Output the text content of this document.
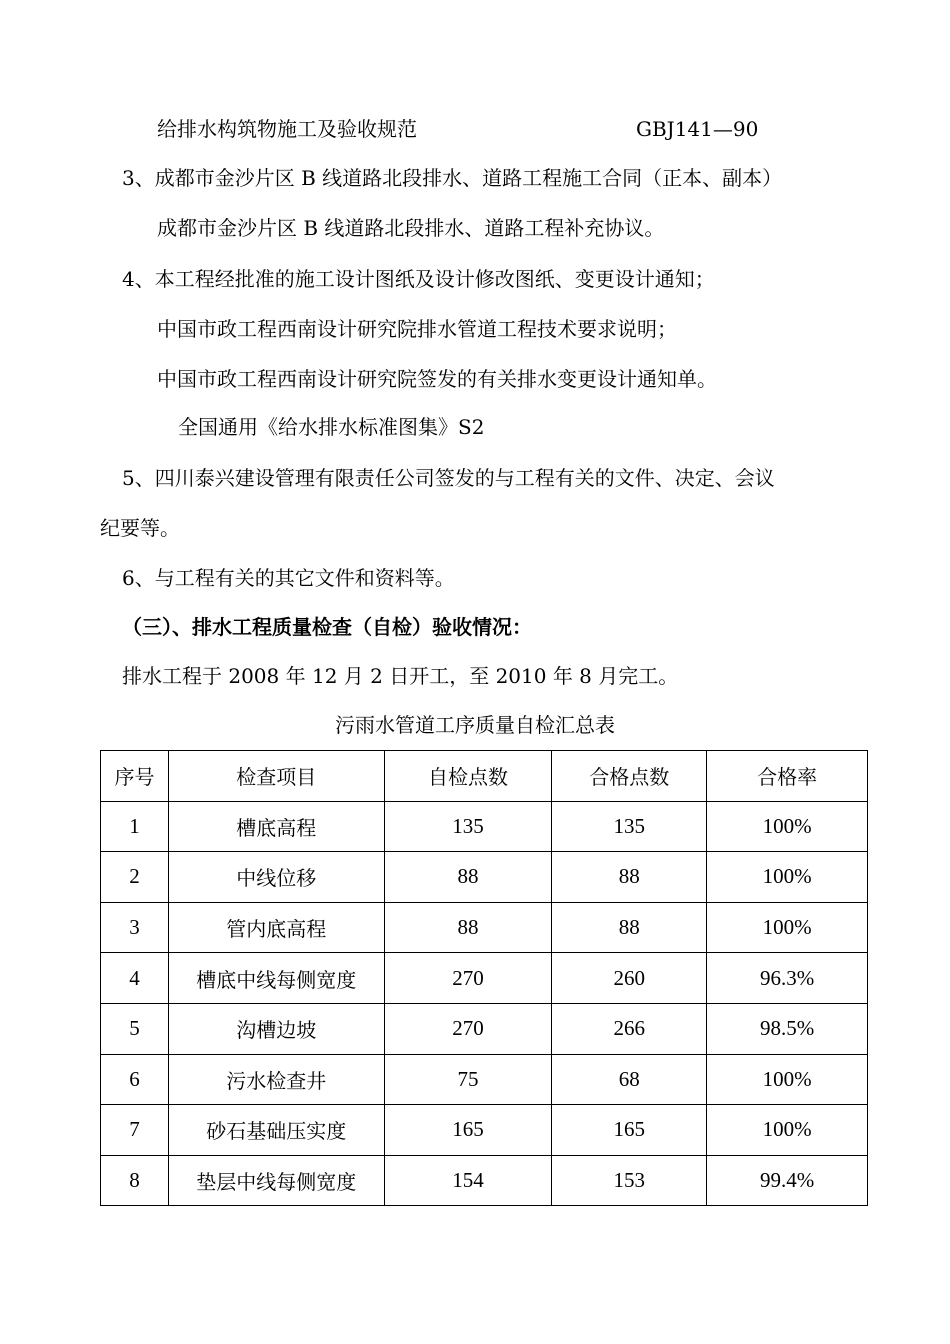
给排水构筑物施工及验收规范	GBJ141—90
3、成都市金沙片区 B 线道路北段排水、道路工程施工合同（正本、副本）
成都市金沙片区 B 线道路北段排水、道路工程补充协议。
4、本工程经批准的施工设计图纸及设计修改图纸、变更设计通知；
中国市政工程西南设计研究院排水管道工程技术要求说明；
中国市政工程西南设计研究院签发的有关排水变更设计通知单。
全国通用《给水排水标准图集》S2
5、四川泰兴建设管理有限责任公司签发的与工程有关的文件、决定、会议
纪要等。
6、与工程有关的其它文件和资料等。
（三）、排水工程质量检查（自检）验收情况：
排水工程于 2008 年 12 月 2 日开工，至 2010 年 8 月完工。
污雨水管道工序质量自检汇总表
序号	检查项目	自检点数	合格点数	合格率
1	槽底高程	135	135	100%
2	中线位移	88	88	100%
3	管内底高程	88	88	100%
4	槽底中线每侧宽度	270	260	96.3%
5	沟槽边坡	270	266	98.5%
6	污水检查井	75	68	100%
7	砂石基础压实度	165	165	100%
8	垫层中线每侧宽度	154	153	99.4%
